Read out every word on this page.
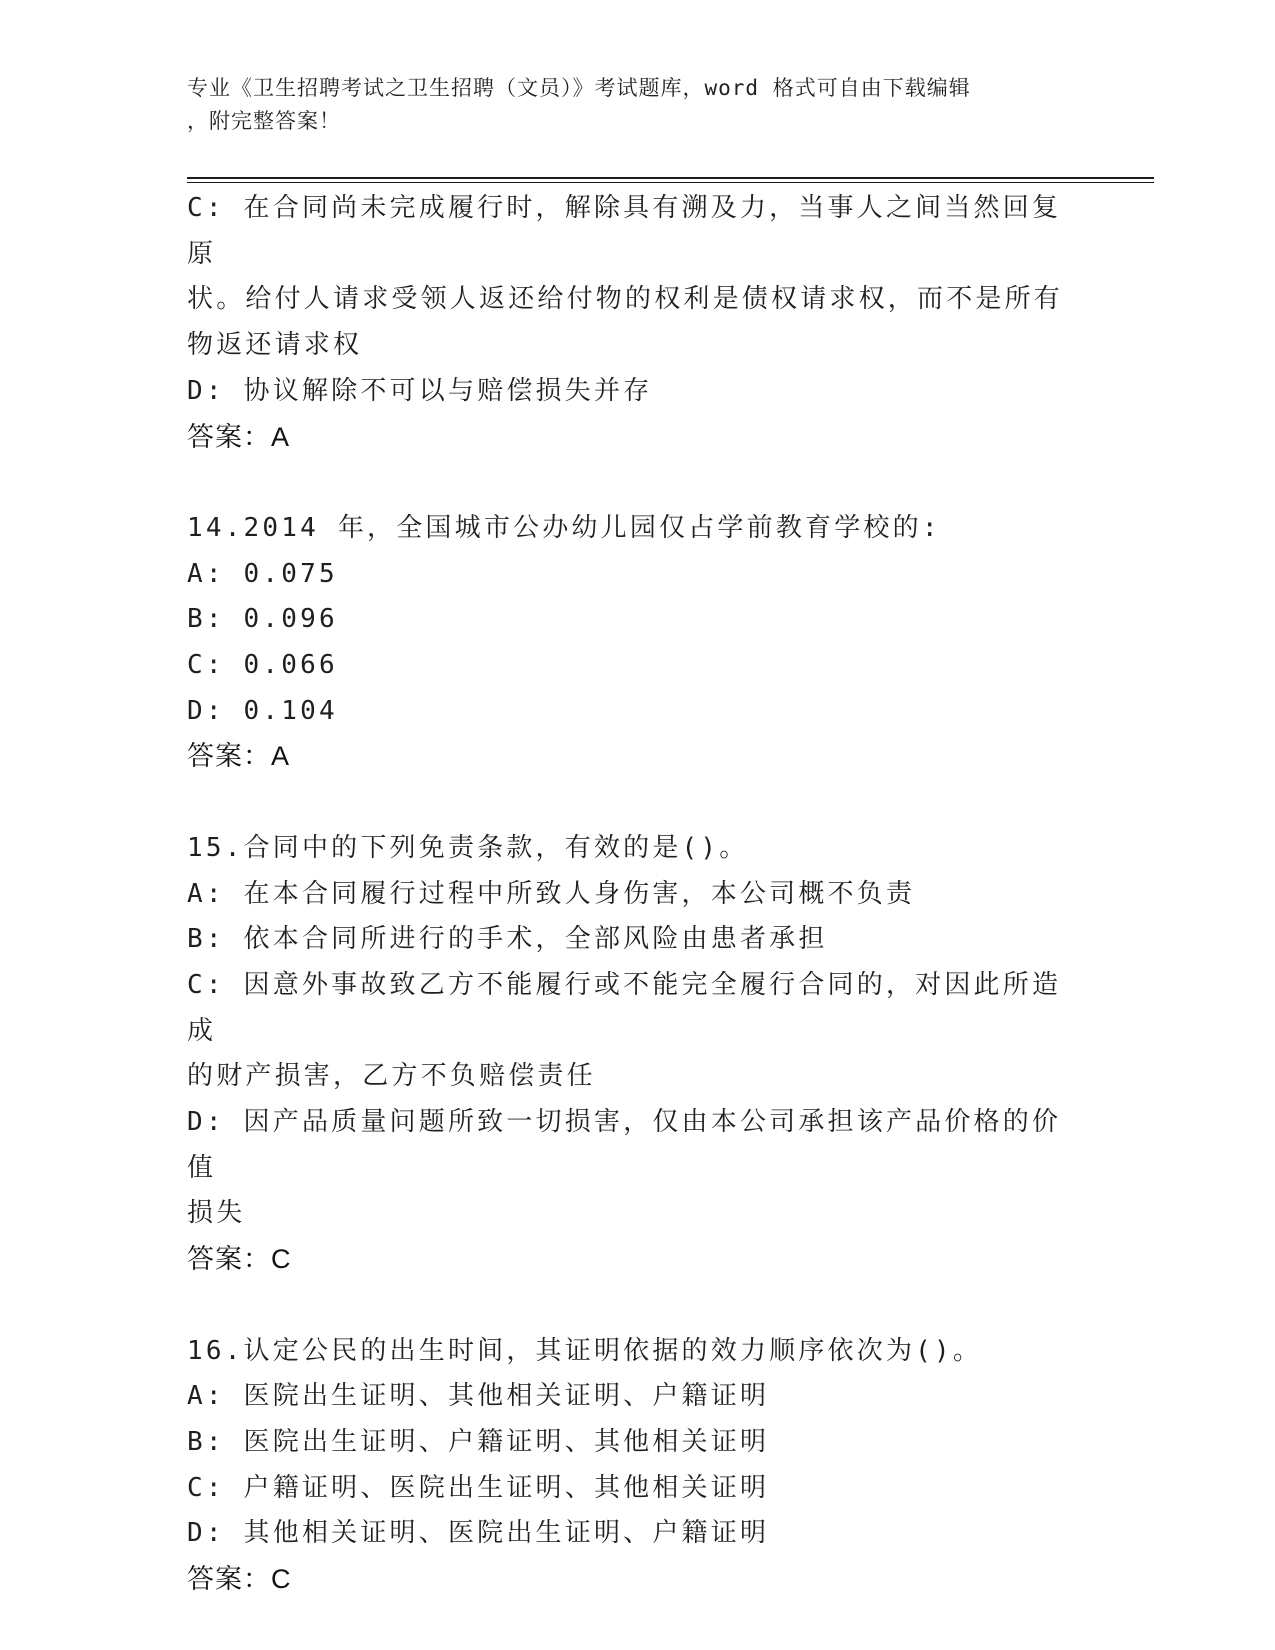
专业《卫生招聘考试之卫生招聘（文员）》考试题库，word 格式可自由下载编辑
，附完整答案！
C: 在合同尚未完成履行时，解除具有溯及力，当事人之间当然回复原
状。给付人请求受领人返还给付物的权利是债权请求权，而不是所有
物返还请求权
D: 协议解除不可以与赔偿损失并存
答案：A
14.2014 年，全国城市公办幼儿园仅占学前教育学校的:
A: 0.075
B: 0.096
C: 0.066
D: 0.104
答案：A
15.合同中的下列免责条款，有效的是()。
A: 在本合同履行过程中所致人身伤害，本公司概不负责
B: 依本合同所进行的手术，全部风险由患者承担
C: 因意外事故致乙方不能履行或不能完全履行合同的，对因此所造成
的财产损害，乙方不负赔偿责任
D: 因产品质量问题所致一切损害，仅由本公司承担该产品价格的价值
损失
答案：C
16.认定公民的出生时间，其证明依据的效力顺序依次为()。
A: 医院出生证明、其他相关证明、户籍证明
B: 医院出生证明、户籍证明、其他相关证明
C: 户籍证明、医院出生证明、其他相关证明
D: 其他相关证明、医院出生证明、户籍证明
答案：C
